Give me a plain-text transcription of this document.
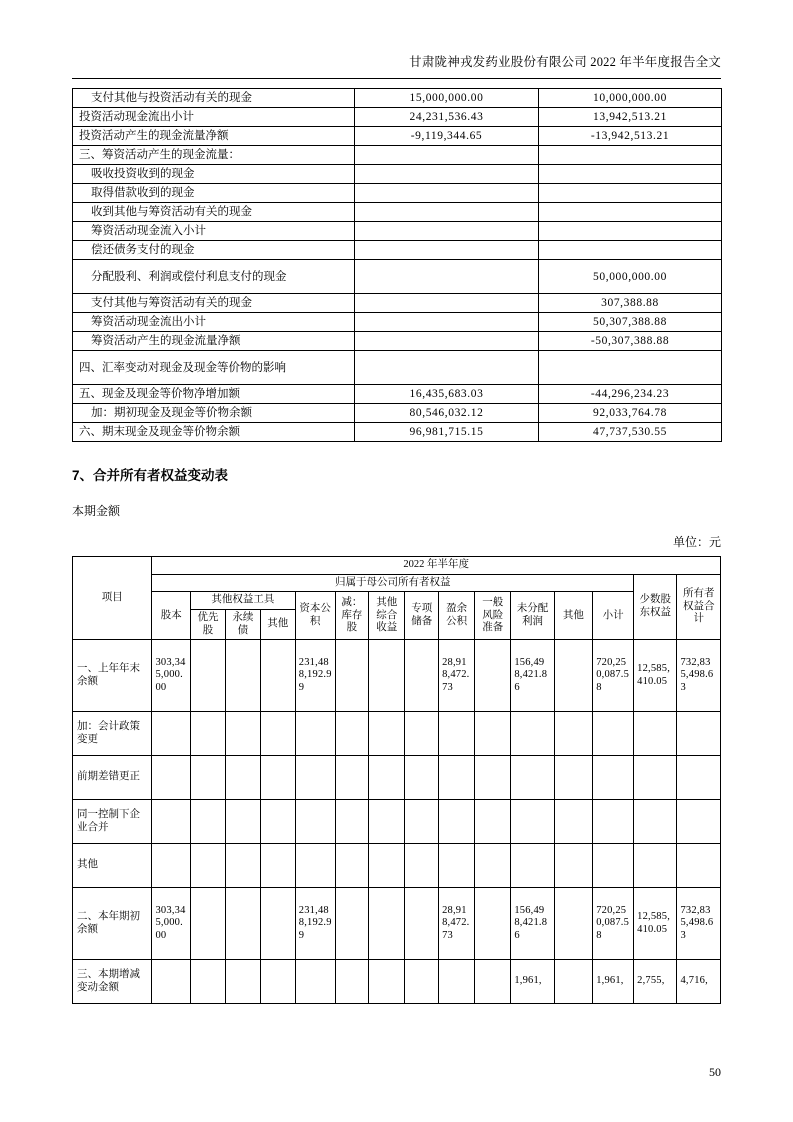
甘肃陇神戎发药业股份有限公司 2022 年半年度报告全文
支付其他与投资活动有关的现金	15,000,000.00	10,000,000.00
投资活动现金流出小计	24,231,536.43	13,942,513.21
投资活动产生的现金流量净额	-9,119,344.65	-13,942,513.21
三、筹资活动产生的现金流量：		
吸收投资收到的现金		
取得借款收到的现金		
收到其他与筹资活动有关的现金		
筹资活动现金流入小计		
偿还债务支付的现金		
分配股利、利润或偿付利息支付的现金		50,000,000.00
支付其他与筹资活动有关的现金		307,388.88
筹资活动现金流出小计		50,307,388.88
筹资活动产生的现金流量净额		-50,307,388.88
四、汇率变动对现金及现金等价物的影响		
五、现金及现金等价物净增加额	16,435,683.03	-44,296,234.23
加：期初现金及现金等价物余额	80,546,032.12	92,033,764.78
六、期末现金及现金等价物余额	96,981,715.15	47,737,530.55
7、合并所有者权益变动表
本期金额
单位：元
项目	2022 年半年度														
	归属于母公司所有者权益													少数股东权益	所有者权益合计
	股本	其他权益工具			资本公积	减：库存股	其他综合收益	专项储备	盈余公积	一般风险准备	未分配利润	其他	小计		
		优先股	永续债	其他											
一、上年年末余额	303,345,000.00				231,488,192.99				28,918,472.73		156,498,421.86		720,250,087.58	12,585,410.05	732,835,498.63
加：会计政策变更															
前期差错更正															
同一控制下企业合并															
其他															
二、本年期初余额	303,345,000.00				231,488,192.99				28,918,472.73		156,498,421.86		720,250,087.58	12,585,410.05	732,835,498.63
三、本期增减变动金额											1,961,		1,961,	2,755,	4,716,
50
